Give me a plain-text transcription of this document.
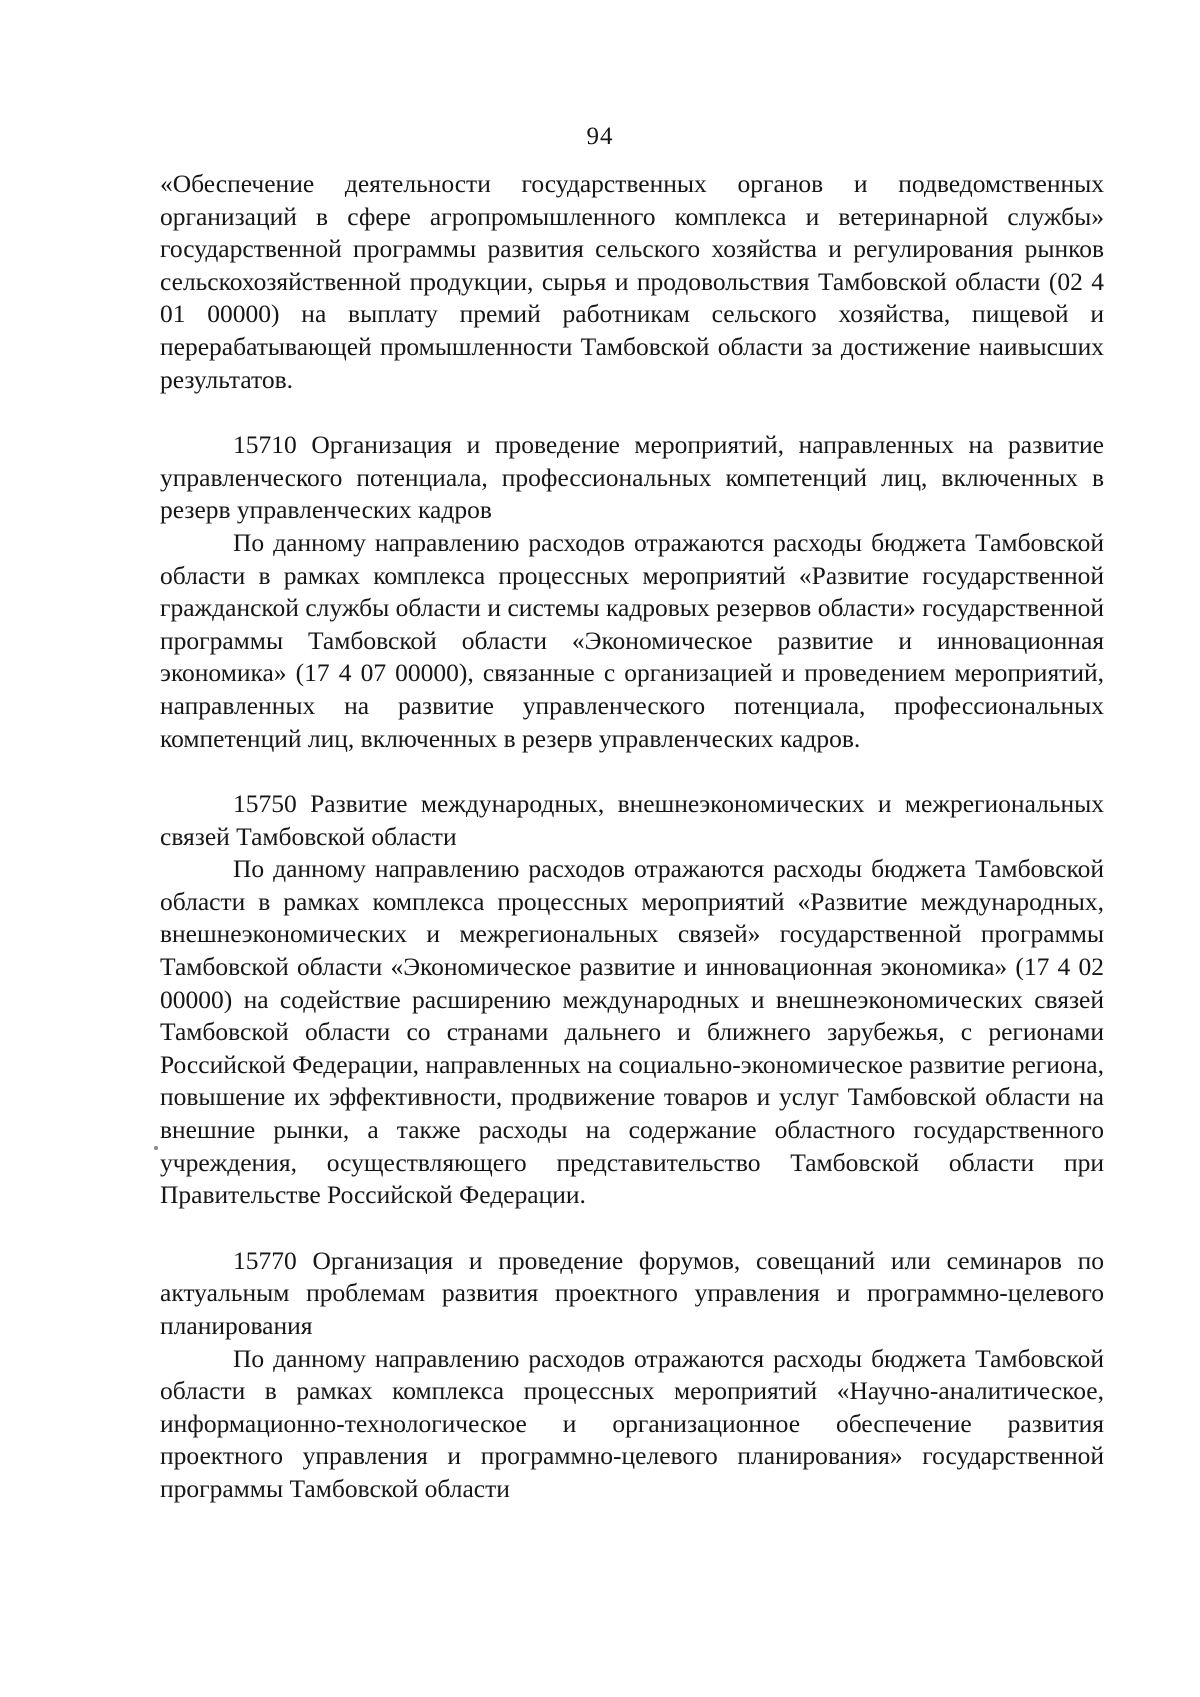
94

«Обеспечение деятельности государственных органов и подведомственных организаций в сфере агропромышленного комплекса и ветеринарной службы» государственной программы развития сельского хозяйства и регулирования рынков сельскохозяйственной продукции, сырья и продовольствия Тамбовской области (02 4 01 00000) на выплату премий работникам сельского хозяйства, пищевой и перерабатывающей промышленности Тамбовской области за достижение наивысших результатов.

15710 Организация и проведение мероприятий, направленных на развитие управленческого потенциала, профессиональных компетенций лиц, включенных в резерв управленческих кадров

По данному направлению расходов отражаются расходы бюджета Тамбовской области в рамках комплекса процессных мероприятий «Развитие государственной гражданской службы области и системы кадровых резервов области» государственной программы Тамбовской области «Экономическое развитие и инновационная экономика» (17 4 07 00000), связанные с организацией и проведением мероприятий, направленных на развитие управленческого потенциала, профессиональных компетенций лиц, включенных в резерв управленческих кадров.

15750 Развитие международных, внешнеэкономических и межрегиональных связей Тамбовской области

По данному направлению расходов отражаются расходы бюджета Тамбовской области в рамках комплекса процессных мероприятий «Развитие международных, внешнеэкономических и межрегиональных связей» государственной программы Тамбовской области «Экономическое развитие и инновационная экономика» (17 4 02 00000) на содействие расширению международных и внешнеэкономических связей Тамбовской области со странами дальнего и ближнего зарубежья, с регионами Российской Федерации, направленных на социально-экономическое развитие региона, повышение их эффективности, продвижение товаров и услуг Тамбовской области на внешние рынки, а также расходы на содержание областного государственного учреждения, осуществляющего представительство Тамбовской области при Правительстве Российской Федерации.

15770 Организация и проведение форумов, совещаний или семинаров по актуальным проблемам развития проектного управления и программно-целевого планирования

По данному направлению расходов отражаются расходы бюджета Тамбовской области в рамках комплекса процессных мероприятий «Научно-аналитическое, информационно-технологическое и организационное обеспечение развития проектного управления и программно-целевого планирования» государственной программы Тамбовской области
